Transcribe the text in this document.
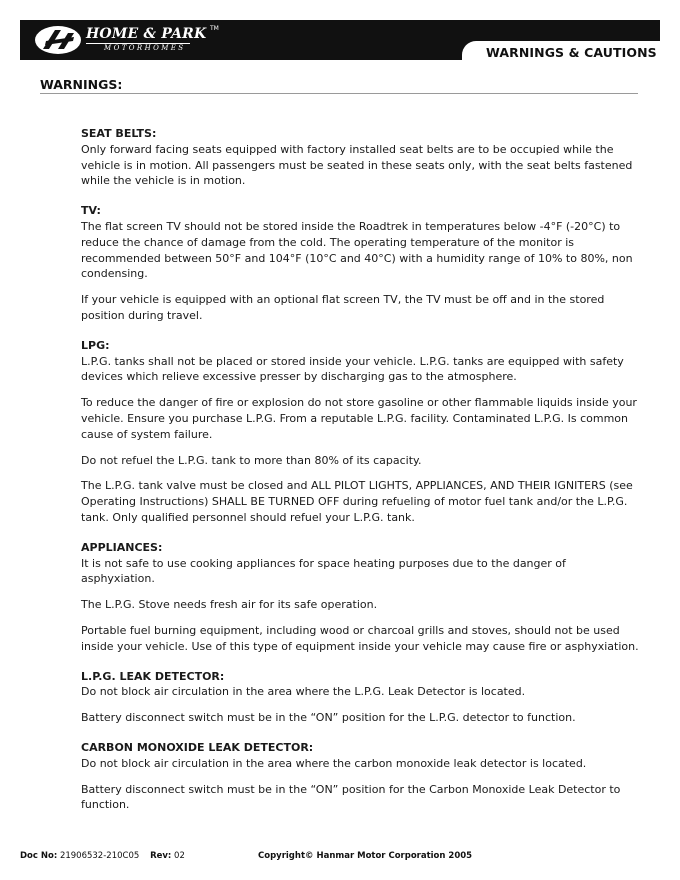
HOME & PARK TM
MOTORHOMES	WARNINGS & CAUTIONS
WARNINGS:
SEAT BELTS:

Only forward facing seats equipped with factory installed seat belts are to be occupied while the vehicle is in motion. All passengers must be seated in these seats only, with the seat belts fastened while the vehicle is in motion.

TV:

The flat screen TV should not be stored inside the Roadtrek in temperatures below -4°F (-20°C) to reduce the chance of damage from the cold. The operating temperature of the monitor is recommended between 50°F and 104°F (10°C and 40°C) with a humidity range of 10% to 80%, non condensing.

If your vehicle is equipped with an optional flat screen TV, the TV must be off and in the stored position during travel.

LPG:

L.P.G. tanks shall not be placed or stored inside your vehicle. L.P.G. tanks are equipped with safety devices which relieve excessive presser by discharging gas to the atmosphere.

To reduce the danger of fire or explosion do not store gasoline or other flammable liquids inside your vehicle. Ensure you purchase L.P.G. From a reputable L.P.G. facility. Contaminated L.P.G. Is common cause of system failure.

Do not refuel the L.P.G. tank to more than 80% of its capacity.

The L.P.G. tank valve must be closed and ALL PILOT LIGHTS, APPLIANCES, AND THEIR IGNITERS (see Operating Instructions) SHALL BE TURNED OFF during refueling of motor fuel tank and/or the L.P.G. tank. Only qualified personnel should refuel your L.P.G. tank.

APPLIANCES:

It is not safe to use cooking appliances for space heating purposes due to the danger of asphyxiation.

The L.P.G. Stove needs fresh air for its safe operation.

Portable fuel burning equipment, including wood or charcoal grills and stoves, should not be used inside your vehicle. Use of this type of equipment inside your vehicle may cause fire or asphyxiation.

L.P.G. LEAK DETECTOR:

Do not block air circulation in the area where the L.P.G. Leak Detector is located.

Battery disconnect switch must be in the “ON” position for the L.P.G. detector to function.

CARBON MONOXIDE LEAK DETECTOR:

Do not block air circulation in the area where the carbon monoxide leak detector is located.

Battery disconnect switch must be in the “ON” position for the Carbon Monoxide Leak Detector to function.

Doc No: 21906532-210C05 Rev: 02	Copyright© Hanmar Motor Corporation 2005
